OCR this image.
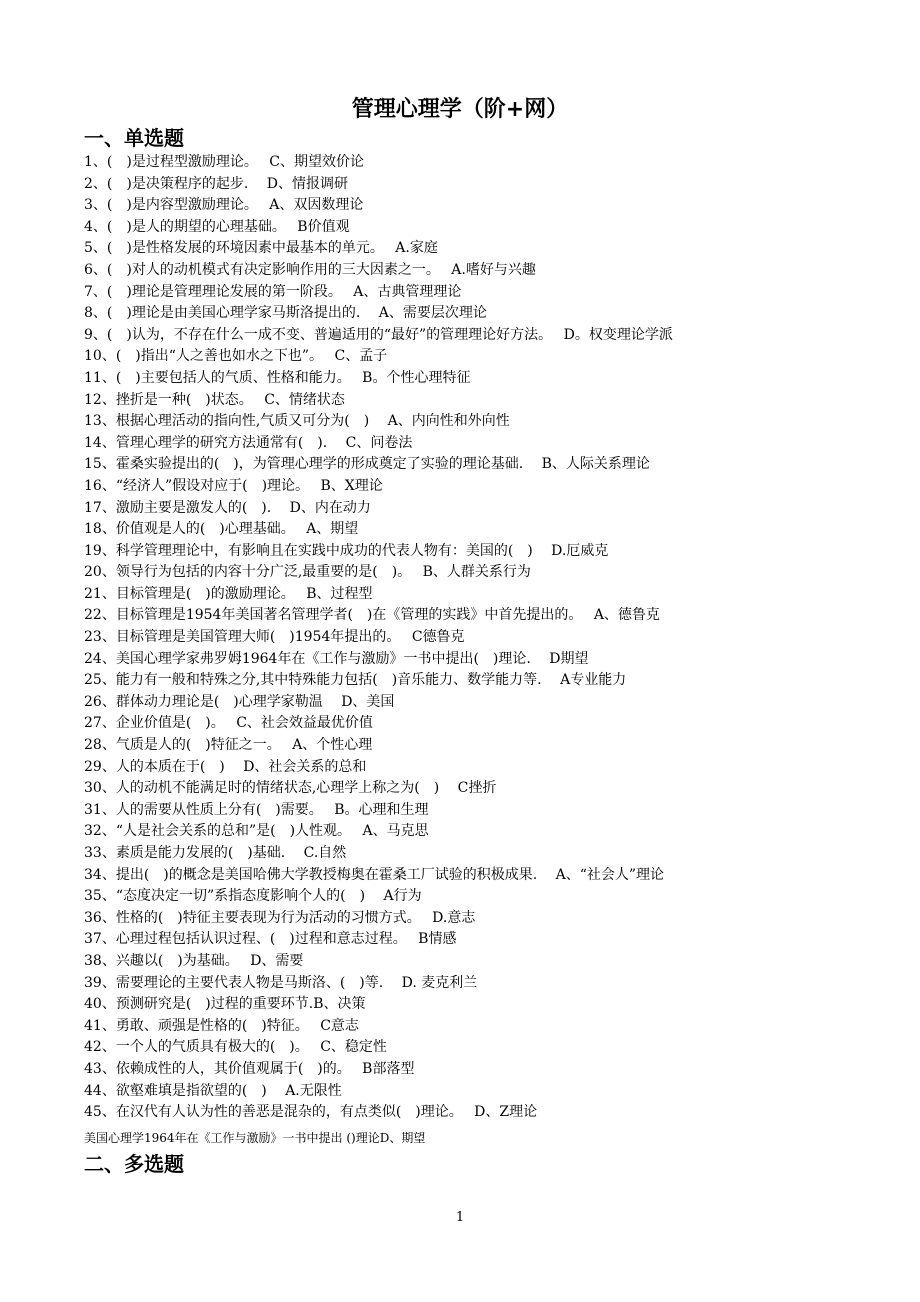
管理心理学（阶+网）
一、单选题
1、(　)是过程型激励理论。　 C、期望效价论
2、(　)是决策程序的起步.　 D、情报调研
3、(　)是内容型激励理论。　 A、双因数理论
4、(　)是人的期望的心理基础。　 B价值观
5、(　)是性格发展的环境因素中最基本的单元。　 A.家庭
6、(　)对人的动机模式有决定影响作用的三大因素之一。　 A.嗜好与兴趣
7、(　)理论是管理理论发展的第一阶段。　 A、古典管理理论
8、(　)理论是由美国心理学家马斯洛提出的.　 A、需要层次理论
9、(　)认为，不存在什么一成不变、普遍适用的“最好”的管理理论好方法。　 D。权变理论学派
10、(　)指出“人之善也如水之下也”。　 C、孟子
11、(　)主要包括人的气质、性格和能力。　 B。个性心理特征
12、挫折是一种(　)状态。　 C、情绪状态
13、根据心理活动的指向性,气质又可分为(　)　 A、内向性和外向性
14、管理心理学的研究方法通常有(　).　 C、问卷法
15、霍桑实验提出的(　)，为管理心理学的形成奠定了实验的理论基础.　 B、人际关系理论
16、“经济人”假设对应于(　)理论。　 B、X理论
17、激励主要是激发人的(　).　 D、内在动力
18、价值观是人的(　)心理基础。　 A、期望
19、科学管理理论中，有影响且在实践中成功的代表人物有：美国的(　)　 D.厄威克
20、领导行为包括的内容十分广泛,最重要的是(　)。　 B、人群关系行为
21、目标管理是(　)的激励理论。　 B、过程型
22、目标管理是1954年美国著名管理学者(　)在《管理的实践》中首先提出的。　 A、德鲁克
23、目标管理是美国管理大师(　)1954年提出的。　 C德鲁克
24、美国心理学家弗罗姆1964年在《工作与激励》一书中提出(　)理论.　 D期望
25、能力有一般和特殊之分,其中特殊能力包括(　)音乐能力、数学能力等.　 A专业能力
26、群体动力理论是(　)心理学家勒温　 D、美国
27、企业价值是(　)。　 C、社会效益最优价值
28、气质是人的(　)特征之一。　 A、个性心理
29、人的本质在于(　)　 D、社会关系的总和
30、人的动机不能满足时的情绪状态,心理学上称之为(　)　 C挫折
31、人的需要从性质上分有(　)需要。　 B。心理和生理
32、“人是社会关系的总和”是(　)人性观。　 A、马克思
33、素质是能力发展的(　)基础.　 C.自然
34、提出(　)的概念是美国哈佛大学教授梅奥在霍桑工厂试验的积极成果.　 A、“社会人”理论
35、“态度决定一切”系指态度影响个人的(　)　 A行为
36、性格的(　)特征主要表现为行为活动的习惯方式。　 D.意志
37、心理过程包括认识过程、(　)过程和意志过程。　 B情感
38、兴趣以(　)为基础。　 D、需要
39、需要理论的主要代表人物是马斯洛、(　)等.　 D. 麦克利兰
40、预测研究是(　)过程的重要环节.B、决策
41、勇敢、顽强是性格的(　)特征。　 C意志
42、一个人的气质具有极大的(　)。　 C、稳定性
43、依赖成性的人，其价值观属于(　)的。　 B部落型
44、欲壑难填是指欲望的(　)　 A.无限性
45、在汉代有人认为性的善恶是混杂的，有点类似(　)理论。　 D、Z理论
美国心理学1964年在《工作与激励》一书中提出 ()理论D、期望
二、多选题
1
